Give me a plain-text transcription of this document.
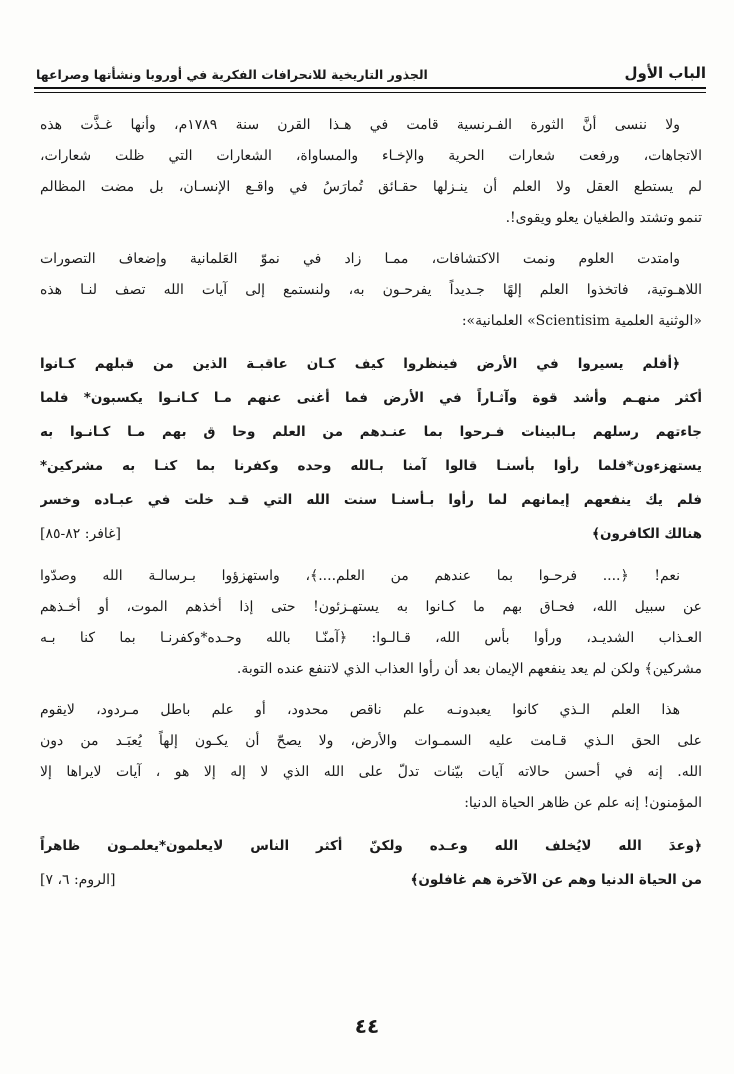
الباب الأول
الجذور التاريخية للانحرافات الفكرية في أوروبا ونشأتها وصراعها
ولا ننسى أنَّ الثورة الفـرنسية قامت في هـذا القرن سنة ١٧٨٩م، وأنها غـذَّت هذه
الاتجاهات، ورفعت شعارات الحرية والإخـاء والمساواة، الشعارات التي ظلت شعارات،
لم يستطع العقل ولا العلم أن ينـزلها حقـائق تُمارَسُ في واقـع الإنسـان، بل مضت المظالم
تنمو وتشتد والطغيان يعلو ويقوى!.
وامتدت العلوم ونمت الاكتشافات، ممـا زاد في نموّ العَلمانية وإضعاف التصورات
اللاهـوتية، فاتخذوا العلم إلهًا جـديداً يفرحـون به، ولنستمع إلى آيات الله تصف لنـا هذه
«الوثنية العلمية Scientisim» العلمانية»:
﴿أفلم يسيروا في الأرض فينظروا كيف كـان عاقبـة الذين من قبلهم كـانوا
أكثر منهـم وأشد قوة وآثـاراً في الأرض فما أغنى عنهم مـا كـانـوا يكسبون* فلما
جاءتهم رسلهم بـالبينات فـرحوا بما عنـدهم من العلم وحا ق بهم مـا كـانـوا به
يستهزءون*فلما رأوا بأسنـا قالوا آمنا بـالله وحده وكفرنا بما كنـا به مشركين*
فلم يك ينفعهم إيمانهم لما رأوا بـأسنـا سنت الله التي قـد خلت في عبـاده وخسر
هنالك الكافرون﴾
[غافر: ٨٢-٨٥]
نعم! ﴿.... فرحـوا بما عندهم من العلم....﴾، واستهزؤوا بـرسالـة الله وصدّوا
عن سبيل الله، فحـاق بهم ما كـانوا به يستهـزئون! حتى إذا أخذهم الموت، أو أخـذهم
العـذاب الشديـد، ورأوا بأس الله، قـالـوا: ﴿آمنّـا بالله وحـده*وكفرنـا بما كنا بـه
مشركين﴾ ولكن لم يعد ينفعهم الإيمان بعد أن رأوا العذاب الذي لاتنفع عنده التوبة.
هذا العلم الـذي كانوا يعبدونـه علم ناقص محدود، أو علم باطل مـردود، لايقوم
على الحق الـذي قـامت عليه السمـوات والأرض، ولا يصحّ أن يكـون إلهاً يُعبَـد من دون
الله. إنه في أحسن حالاته آيات بيّنات تدلّ على الله الذي لا إله إلا هو ، آيات لايراها إلا
المؤمنون! إنه علم عن ظاهر الحياة الدنيا:
﴿وعدَ الله لايُخلف الله وعـده ولكنّ أكثر الناس لايعلمون*يعلمـون ظاهراً
من الحياة الدنيا وهم عن الآخرة هم غافلون﴾
[الروم: ٦، ٧]
٤٤
